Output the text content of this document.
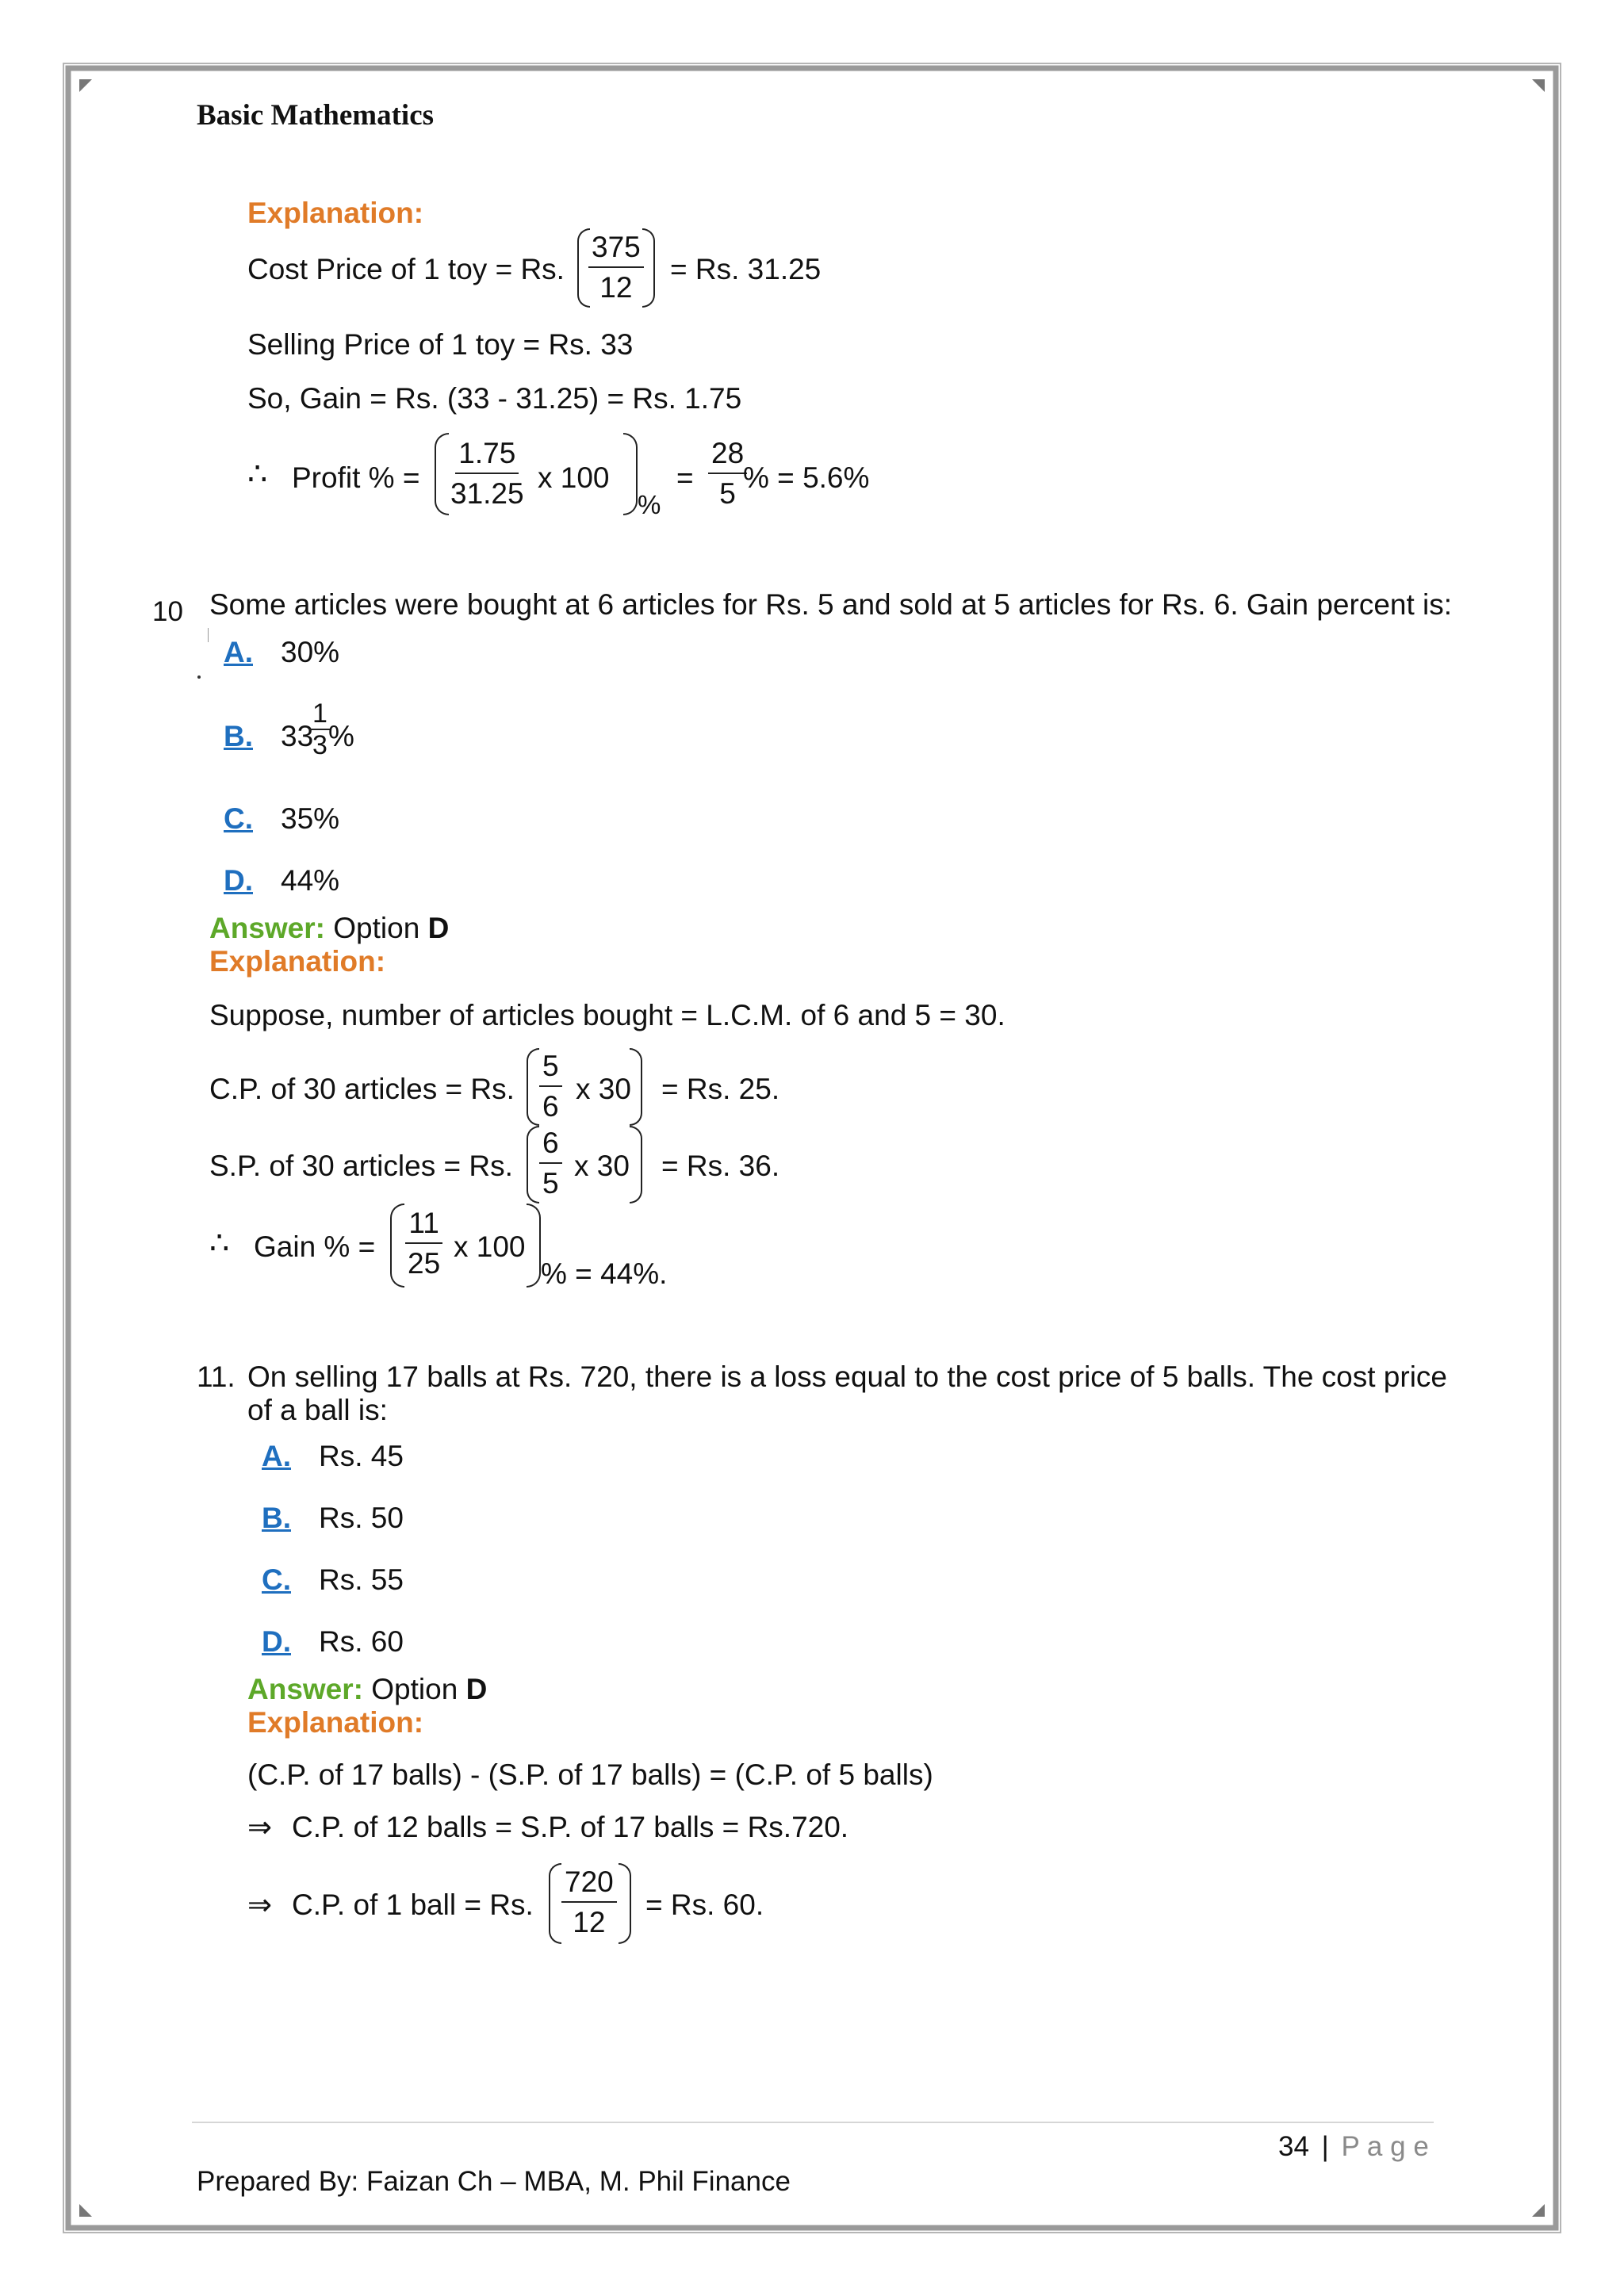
Basic Mathematics
Explanation:
Cost Price of 1 toy = Rs. $\frac{375}{12} = Rs$. 31.25
Selling Price of 1 toy = Rs. 33
So, Gain = Rs. (33 - 31.25) = Rs. 1.75
∴ Profit % = $\frac{1.75}{31.25}$ x 100
%
= $\frac{28}{5}$
% = 5.6%
10 Some articles were bought at 6 articles for Rs. 5 and sold at 5 articles for Rs. 6. Gain percent is:
A. 30%
B. 33
$\frac{1}{3}$
%
C. 35%
D. 44%
Answer: Option D
Explanation:
Suppose, number of articles bought = L.C.M. of 6 and 5 = 30.
C.P. of 30 articles = Rs. $\frac{5}{6}$ x 30 = Rs. 25.
S.P. of 30 articles = Rs. $\frac{6}{5}$ x 30 = Rs. 36.
∴ Gain % = $\frac{11}{25}$ x 100
% = 44%.
11. On selling 17 balls at Rs. 720, there is a loss equal to the cost price of 5 balls. The cost price
of a ball is:
A. Rs. 45
B. Rs. 50
C. Rs. 55
D. Rs. 60
Answer: Option D
Explanation:
(C.P. of 17 balls) - (S.P. of 17 balls) = (C.P. of 5 balls)
⇒ C.P. of 12 balls = S.P. of 17 balls = Rs.720.
⇒ C.P. of 1 ball = Rs. $\frac{720}{12} = Rs$. 60.
34 | P a g e
Prepared By: Faizan Ch – MBA, M. Phil Finance
